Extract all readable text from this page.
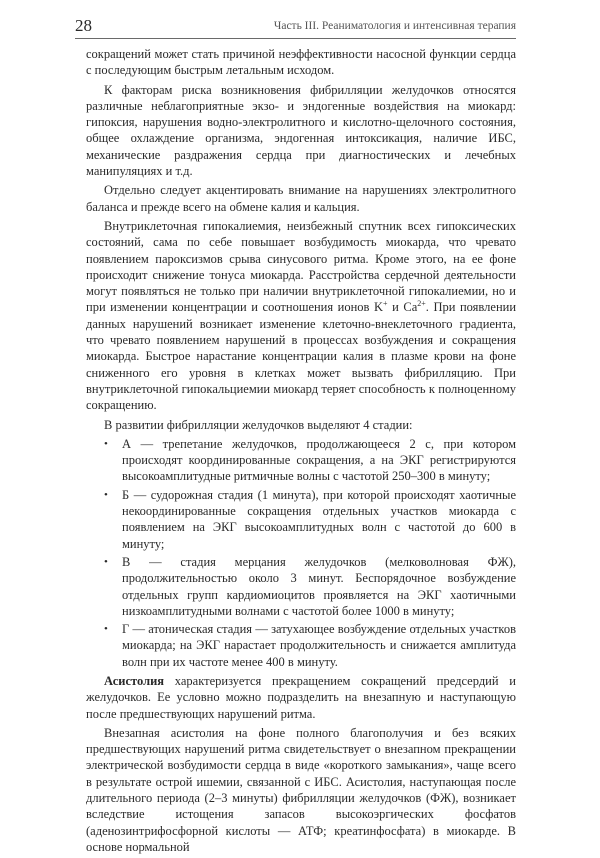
28	Часть III. Реаниматология и интенсивная терапия

сокращений может стать причиной неэффективности насосной функции сердца с последующим быстрым летальным исходом.

К факторам риска возникновения фибрилляции желудочков относятся различные неблагоприятные экзо- и эндогенные воздействия на миокард: гипоксия, нарушения водно-электролитного и кислотно-щелочного состояния, общее охлаждение организма, эндогенная интоксикация, наличие ИБС, механические раздражения сердца при диагностических и лечебных манипуляциях и т.д.

Отдельно следует акцентировать внимание на нарушениях электролитного баланса и прежде всего на обмене калия и кальция.

Внутриклеточная гипокалиемия, неизбежный спутник всех гипоксических состояний, сама по себе повышает возбудимость миокарда, что чревато появлением пароксизмов срыва синусового ритма. Кроме этого, на ее фоне происходит снижение тонуса миокарда. Расстройства сердечной деятельности могут появляться не только при наличии внутриклеточной гипокалиемии, но и при изменении концентрации и соотношения ионов K+ и $Ca^{2+}$. При появлении данных нарушений возникает изменение клеточно-внеклеточного градиента, что чревато появлением нарушений в процессах возбуждения и сокращения миокарда. Быстрое нарастание концентрации калия в плазме крови на фоне сниженного его уровня в клетках может вызвать фибрилляцию. При внутриклеточной гипокальциемии миокард теряет способность к полноценному сокращению.

В развитии фибрилляции желудочков выделяют 4 стадии:

• А — трепетание желудочков, продолжающееся 2 с, при котором происходят координированные сокращения, а на ЭКГ регистрируются высокоамплитудные ритмичные волны с частотой 250–300 в минуту;
• Б — судорожная стадия (1 минута), при которой происходят хаотичные некоординированные сокращения отдельных участков миокарда с появлением на ЭКГ высокоамплитудных волн с частотой до 600 в минуту;
• В — стадия мерцания желудочков (мелковолновая ФЖ), продолжительностью около 3 минут. Беспорядочное возбуждение отдельных групп кардиомиоцитов проявляется на ЭКГ хаотичными низкоамплитудными волнами с частотой более 1000 в минуту;
• Г — атоническая стадия — затухающее возбуждение отдельных участков миокарда; на ЭКГ нарастает продолжительность и снижается амплитуда волн при их частоте менее 400 в минуту.

Асистолия характеризуется прекращением сокращений предсердий и желудочков. Ее условно можно подразделить на внезапную и наступающую после предшествующих нарушений ритма.

Внезапная асистолия на фоне полного благополучия и без всяких предшествующих нарушений ритма свидетельствует о внезапном прекращении электрической возбудимости сердца в виде «короткого замыкания», чаще всего в результате острой ишемии, связанной с ИБС. Асистолия, наступающая после длительного периода (2–3 минуты) фибрилляции желудочков (ФЖ), возникает вследствие истощения запасов высокоэргических фосфатов (аденозинтрифосфорной кислоты — АТФ; креатинфосфата) в миокарде. В основе нормальной
